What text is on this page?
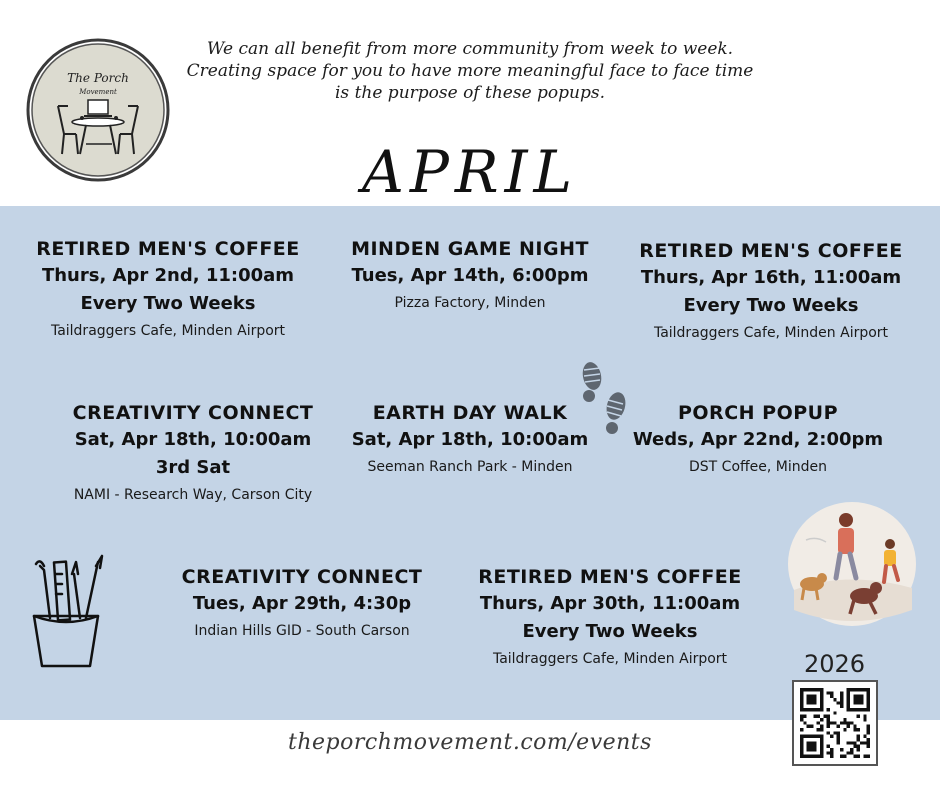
The Porch
Movement
We can all benefit from more community from week to week.
Creating space for you to have more meaningful face to face time
is the purpose of these popups.
APRIL
RETIRED MEN'S COFFEE
Thurs, Apr 2nd, 11:00am
Every Two Weeks
Taildraggers Cafe, Minden Airport
MINDEN GAME NIGHT
Tues, Apr 14th, 6:00pm
Pizza Factory, Minden
RETIRED MEN'S COFFEE
Thurs, Apr 16th, 11:00am
Every Two Weeks
Taildraggers Cafe, Minden Airport
CREATIVITY CONNECT
Sat, Apr 18th, 10:00am
3rd Sat
NAMI - Research Way, Carson City
EARTH DAY WALK
Sat, Apr 18th, 10:00am
Seeman Ranch Park - Minden
PORCH POPUP
Weds, Apr 22nd, 2:00pm
DST Coffee, Minden
CREATIVITY CONNECT
Tues, Apr 29th, 4:30p
Indian Hills GID - South Carson
RETIRED MEN'S COFFEE
Thurs, Apr 30th, 11:00am
Every Two Weeks
Taildraggers Cafe, Minden Airport	2026
theporchmovement.com/events
